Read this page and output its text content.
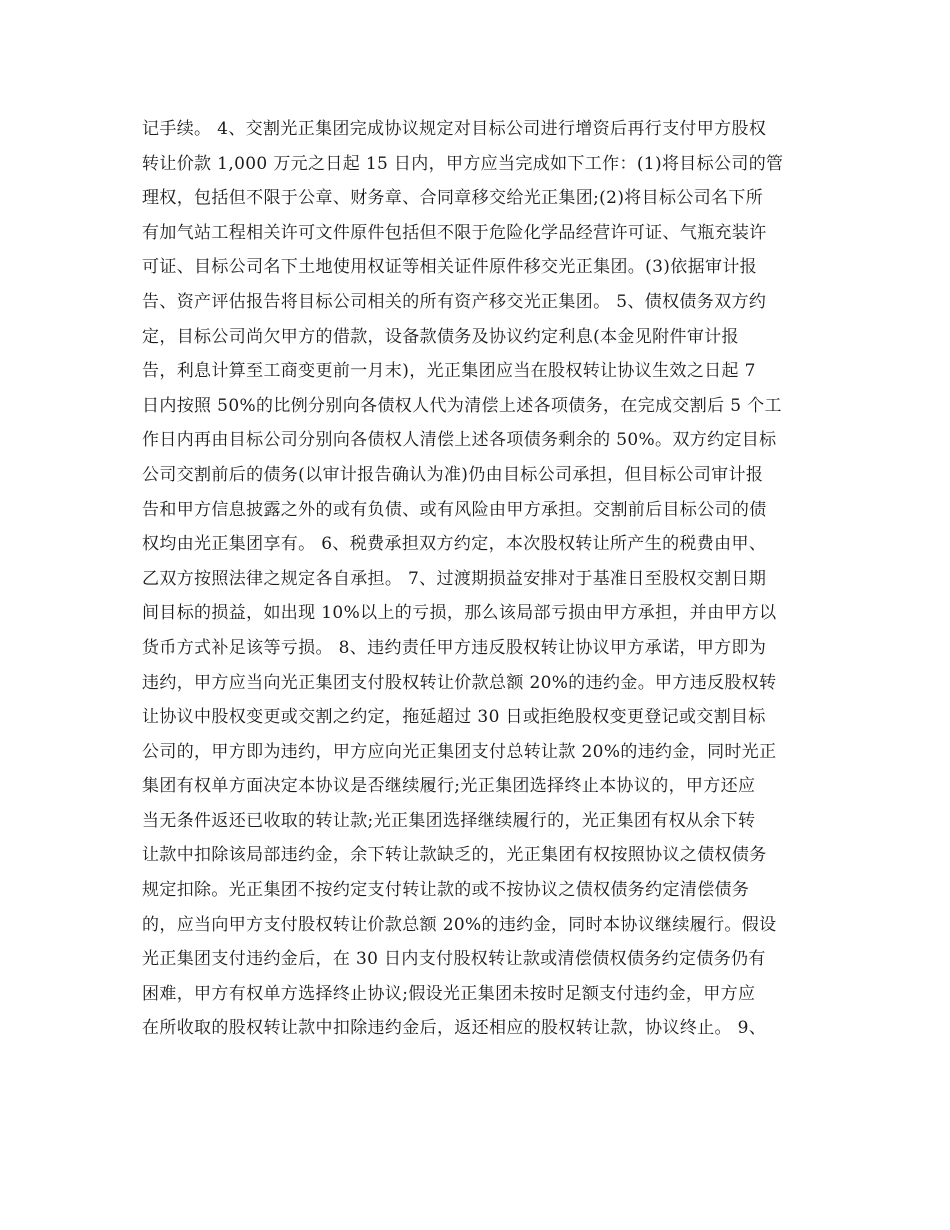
记手续。 4、交割光正集团完成协议规定对目标公司进行增资后再行支付甲方股权
转让价款 1,000 万元之日起 15 日内，甲方应当完成如下工作：(1)将目标公司的管
理权，包括但不限于公章、财务章、合同章移交给光正集团;(2)将目标公司名下所
有加气站工程相关许可文件原件包括但不限于危险化学品经营许可证、气瓶充装许
可证、目标公司名下土地使用权证等相关证件原件移交光正集团。(3)依据审计报
告、资产评估报告将目标公司相关的所有资产移交光正集团。 5、债权债务双方约
定，目标公司尚欠甲方的借款，设备款债务及协议约定利息(本金见附件审计报
告，利息计算至工商变更前一月末)，光正集团应当在股权转让协议生效之日起 7
日内按照 50%的比例分别向各债权人代为清偿上述各项债务，在完成交割后 5 个工
作日内再由目标公司分别向各债权人清偿上述各项债务剩余的 50%。双方约定目标
公司交割前后的债务(以审计报告确认为准)仍由目标公司承担，但目标公司审计报
告和甲方信息披露之外的或有负债、或有风险由甲方承担。交割前后目标公司的债
权均由光正集团享有。 6、税费承担双方约定，本次股权转让所产生的税费由甲、
乙双方按照法律之规定各自承担。 7、过渡期损益安排对于基准日至股权交割日期
间目标的损益，如出现 10%以上的亏损，那么该局部亏损由甲方承担，并由甲方以
货币方式补足该等亏损。 8、违约责任甲方违反股权转让协议甲方承诺，甲方即为
违约，甲方应当向光正集团支付股权转让价款总额 20%的违约金。甲方违反股权转
让协议中股权变更或交割之约定，拖延超过 30 日或拒绝股权变更登记或交割目标
公司的，甲方即为违约，甲方应向光正集团支付总转让款 20%的违约金，同时光正
集团有权单方面决定本协议是否继续履行;光正集团选择终止本协议的，甲方还应
当无条件返还已收取的转让款;光正集团选择继续履行的，光正集团有权从余下转
让款中扣除该局部违约金，余下转让款缺乏的，光正集团有权按照协议之债权债务
规定扣除。光正集团不按约定支付转让款的或不按协议之债权债务约定清偿债务
的，应当向甲方支付股权转让价款总额 20%的违约金，同时本协议继续履行。假设
光正集团支付违约金后，在 30 日内支付股权转让款或清偿债权债务约定债务仍有
困难，甲方有权单方选择终止协议;假设光正集团未按时足额支付违约金，甲方应
在所收取的股权转让款中扣除违约金后，返还相应的股权转让款，协议终止。 9、
